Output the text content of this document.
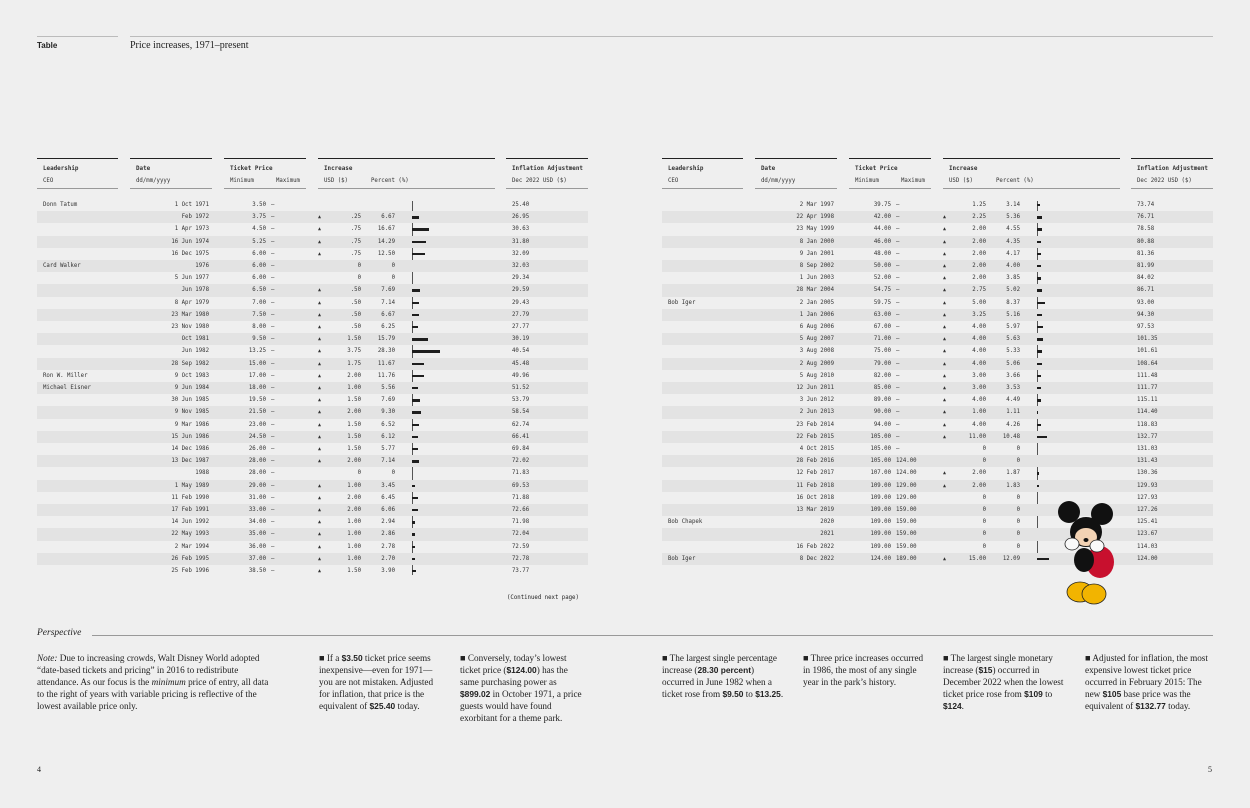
Table	Price increases, 1971–present
Leadership
CEO
Date
dd/mm/yyyy
Ticket Price
Minimum	Maximum
Increase
USD ($)	Percent (%)
Inflation Adjustment
Dec 2022 USD ($)
Donn Tatum	1 Oct 1971	3.50 –	25.40
Feb 1972	3.75 –	.25	6.67	26.95
▲
1 Apr 1973	4.50 –	.75	16.67	30.63
▲
16 Jun 1974	5.25 –	.75	14.29	31.80
▲
16 Dec 1975	6.00 –	.75	12.50	32.09
▲
Card Walker	1976	6.00 –	0	0	32.03
5 Jun 1977	6.00 –	0	0	29.34
Jun 1978	6.50 –	.50	7.69	29.59
▲
8 Apr 1979	7.00 –	.50	7.14	29.43
▲
23 Mar 1980	7.50 –	.50	6.67	27.79
▲
23 Nov 1980	8.00 –	.50	6.25	27.77
▲
Oct 1981	9.50 –	1.50	15.79	30.19
▲
Jun 1982	13.25 –	3.75	28.30	40.54
▲
28 Sep 1982	15.00 –	1.75	11.67	45.48
▲
Ron W. Miller	9 Oct 1983	17.00 –	2.00	11.76	49.96
▲
Michael Eisner	9 Jun 1984	18.00 –	1.00	5.56	51.52
▲
30 Jun 1985	19.50 –	1.50	7.69	53.79
▲
9 Nov 1985	21.50 –	2.00	9.30	58.54
▲
9 Mar 1986	23.00 –	1.50	6.52	62.74
▲
15 Jun 1986	24.50 –	1.50	6.12	66.41
▲
14 Dec 1986	26.00 –	1.50	5.77	69.84
▲
13 Dec 1987	28.00 –	2.00	7.14	72.02
▲
1988	28.00 –	0	0	71.83
1 May 1989	29.00 –	1.00	3.45	69.53
▲
11 Feb 1990	31.00 –	2.00	6.45	71.88
▲
17 Feb 1991	33.00 –	2.00	6.06	72.66
▲
14 Jun 1992	34.00 –	1.00	2.94	71.98
▲
22 May 1993	35.00 –	1.00	2.86	72.04
▲
2 Mar 1994	36.00 –	1.00	2.78	72.59
▲
26 Feb 1995	37.00 –	1.00	2.70	72.78
▲
25 Feb 1996	38.50 –	1.50	3.90	73.77
▲
Leadership
CEO
Date
dd/mm/yyyy
Ticket Price
Minimum	Maximum
Increase
USD ($)	Percent (%)
Inflation Adjustment
Dec 2022 USD ($)
2 Mar 1997	39.75 –	1.25	3.14	73.74
22 Apr 1998	42.00 –	2.25	5.36	76.71
▲
23 May 1999	44.00 –	2.00	4.55	78.58
▲
8 Jan 2000	46.00 –	2.00	4.35	80.88
▲
9 Jan 2001	48.00 –	2.00	4.17	81.36
▲
8 Sep 2002	50.00 –	2.00	4.00	81.99
▲
1 Jun 2003	52.00 –	2.00	3.85	84.02
▲
28 Mar 2004	54.75 –	2.75	5.02	86.71
▲
Bob Iger	2 Jan 2005	59.75 –	5.00	8.37	93.00
▲
1 Jan 2006	63.00 –	3.25	5.16	94.30
▲
6 Aug 2006	67.00 –	4.00	5.97	97.53
▲
5 Aug 2007	71.00 –	4.00	5.63	101.35
▲
3 Aug 2008	75.00 –	4.00	5.33	101.61
▲
2 Aug 2009	79.00 –	4.00	5.06	108.64
▲
5 Aug 2010	82.00 –	3.00	3.66	111.48
▲
12 Jun 2011	85.00 –	3.00	3.53	111.77
▲
3 Jun 2012	89.00 –	4.00	4.49	115.11
▲
2 Jun 2013	90.00 –	1.00	1.11	114.40
▲
23 Feb 2014	94.00 –	4.00	4.26	118.83
▲
22 Feb 2015	105.00 –	11.00	10.48	132.77
▲
4 Oct 2015	105.00 –	0	0	131.03
28 Feb 2016	105.00 124.00	0	0	131.43
12 Feb 2017	107.00 124.00	2.00	1.87	130.36
▲
11 Feb 2018	109.00 129.00	2.00	1.83	129.93
▲
16 Oct 2018	109.00 129.00	0	0	127.93
13 Mar 2019	109.00 159.00	0	0	127.26
Bob Chapek	2020	109.00 159.00	0	0	125.41
2021	109.00 159.00	0	0	123.67
16 Feb 2022	109.00 159.00	0	0	114.03
Bob Iger	8 Dec 2022	124.00 189.00	15.00	12.09	124.00
▲
(Continued next page)
Perspective
Note: Due to increasing crowds, Walt Disney World adopted “date-based tickets and pricing” in 2016 to redistribute attendance. As our focus is the minimum price of entry, all data to the right of years with variable pricing is reflective of the lowest available price only.
■ If a $3.50 ticket price seems inexpensive—even for 1971—you are not mistaken. Adjusted for inflation, that price is the equivalent of $25.40 today.
■ Conversely, today’s lowest ticket price ($124.00) has the same purchasing power as $899.02 in October 1971, a price guests would have found exorbitant for a theme park.
■ The largest single percentage increase (28.30 percent) occurred in June 1982 when a ticket rose from $9.50 to $13.25.
■ Three price increases occurred in 1986, the most of any single year in the park’s history.
■ The largest single monetary increase ($15) occurred in December 2022 when the lowest ticket price rose from $109 to $124.
■ Adjusted for inflation, the most expensive lowest ticket price occurred in February 2015: The new $105 base price was the equivalent of $132.77 today.
4	5
